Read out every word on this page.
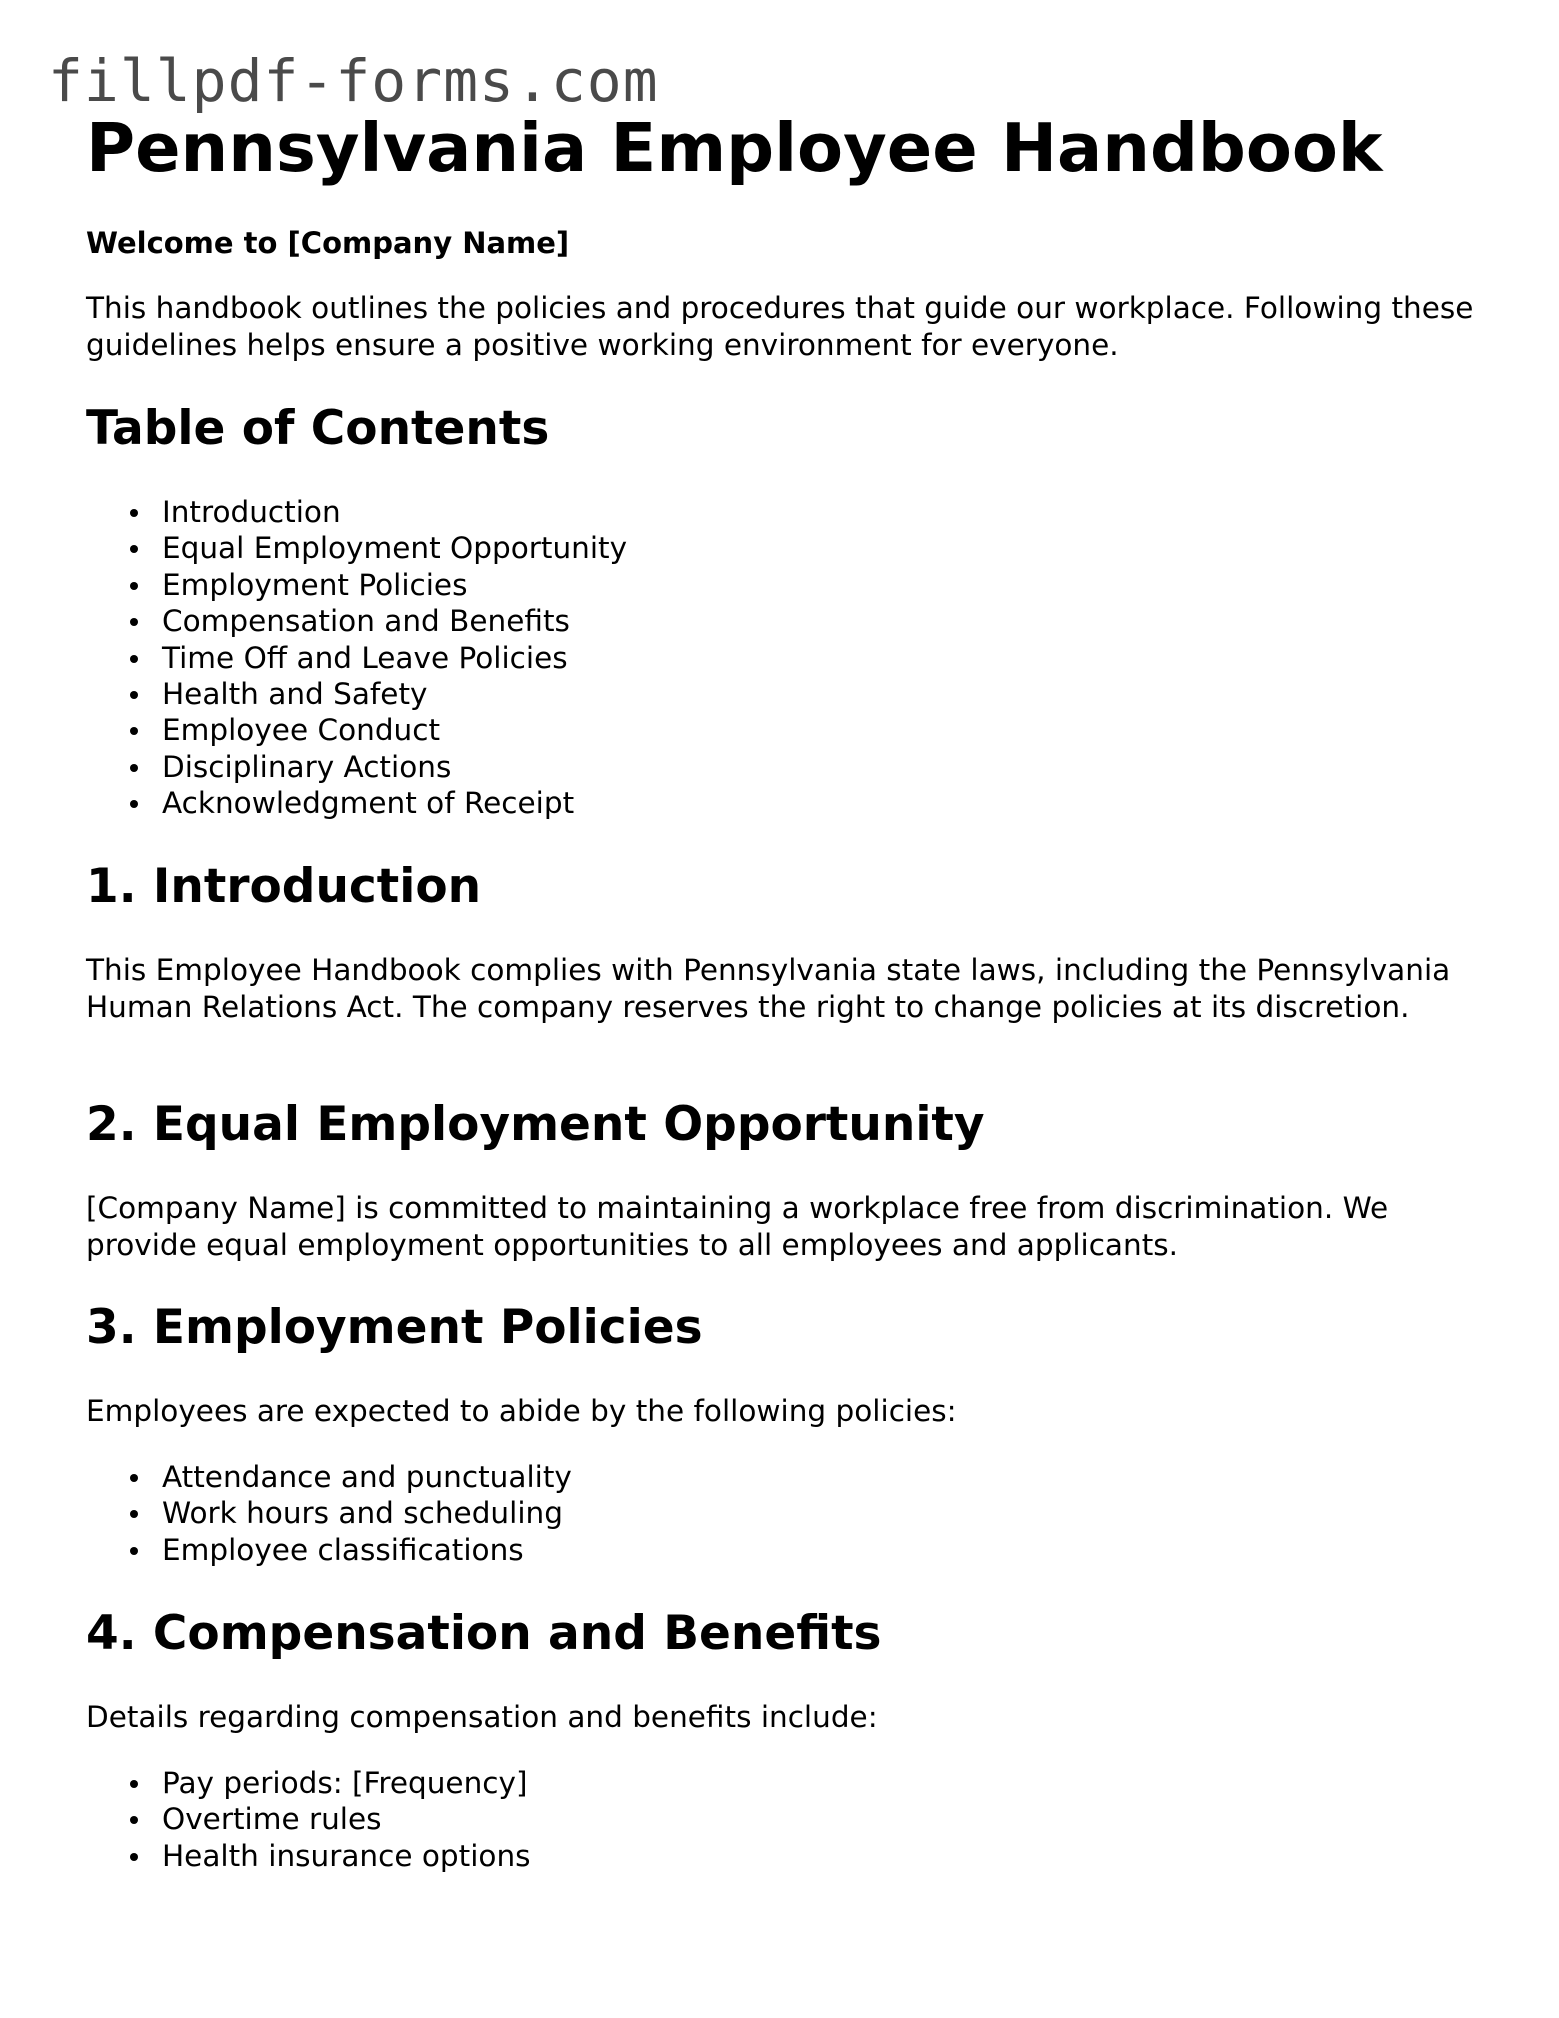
fillpdf-forms.com
Pennsylvania Employee Handbook

Welcome to [Company Name]

This handbook outlines the policies and procedures that guide our workplace. Following these guidelines helps ensure a positive working environment for everyone.

Table of Contents
Introduction
Equal Employment Opportunity
Employment Policies
Compensation and Benefits
Time Off and Leave Policies
Health and Safety
Employee Conduct
Disciplinary Actions
Acknowledgment of Receipt
1. Introduction

This Employee Handbook complies with Pennsylvania state laws, including the Pennsylvania Human Relations Act. The company reserves the right to change policies at its discretion.

2. Equal Employment Opportunity

[Company Name] is committed to maintaining a workplace free from discrimination. We provide equal employment opportunities to all employees and applicants.

3. Employment Policies

Employees are expected to abide by the following policies:

Attendance and punctuality
Work hours and scheduling
Employee classifications
4. Compensation and Benefits

Details regarding compensation and benefits include:

Pay periods: [Frequency]
Overtime rules
Health insurance options
